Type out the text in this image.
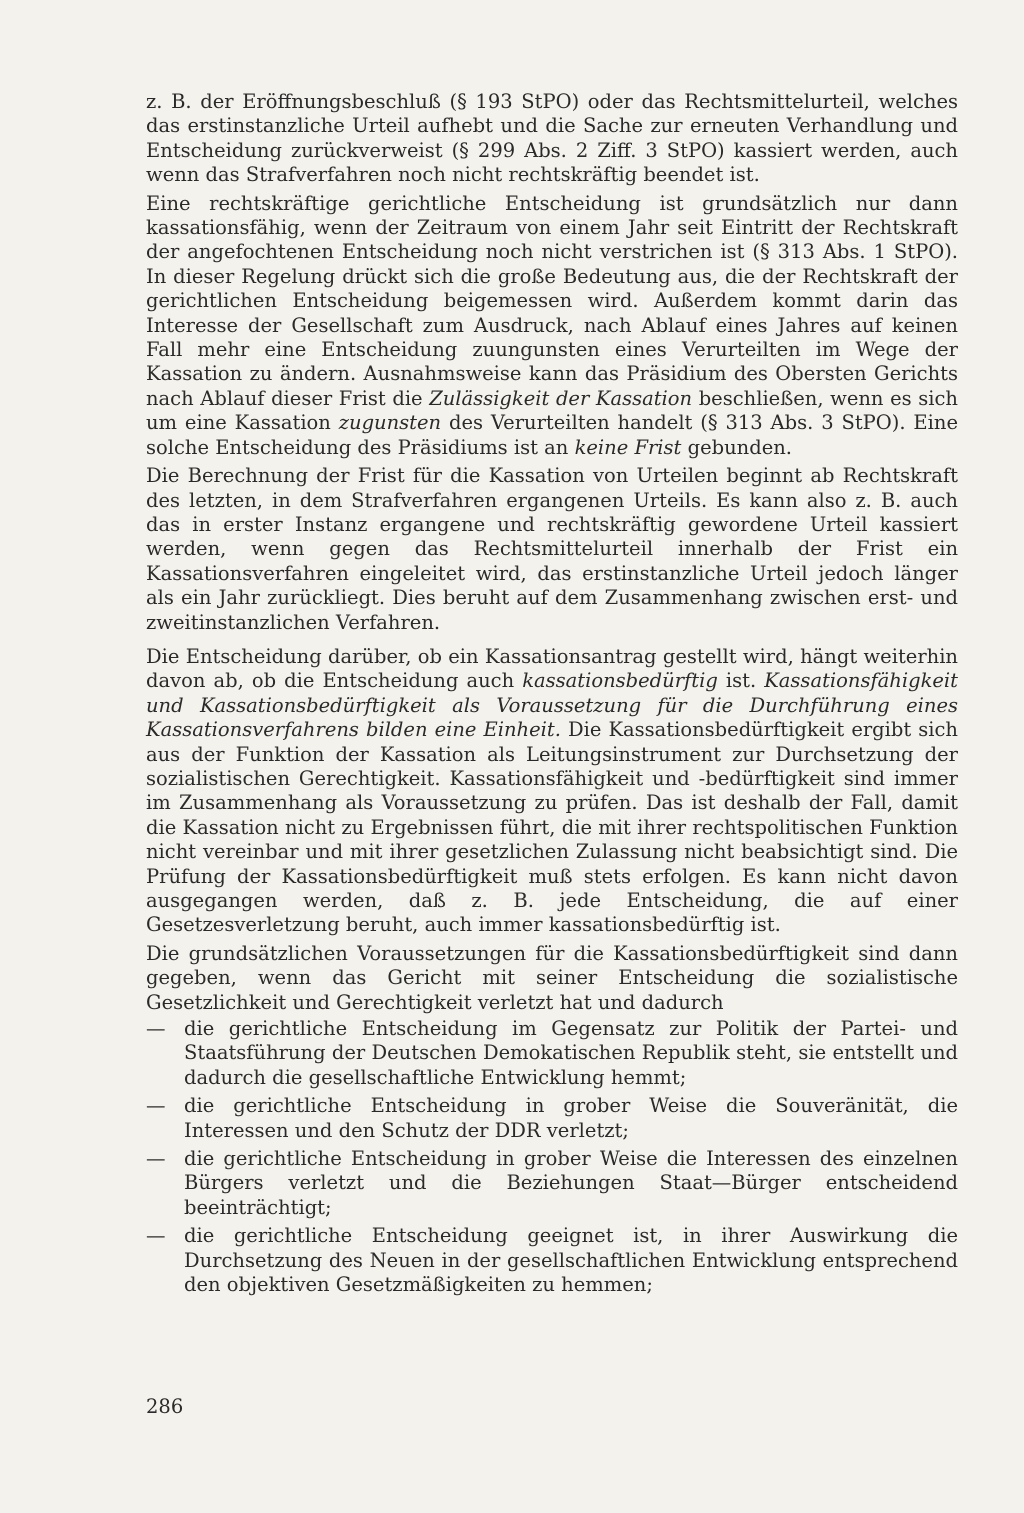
z. B. der Eröffnungsbeschluß (§ 193 StPO) oder das Rechtsmittelurteil, welches das erstinstanzliche Urteil aufhebt und die Sache zur erneuten Verhandlung und Entscheidung zurückverweist (§ 299 Abs. 2 Ziff. 3 StPO) kassiert werden, auch wenn das Strafverfahren noch nicht rechtskräftig beendet ist.

Eine rechtskräftige gerichtliche Entscheidung ist grundsätzlich nur dann kassationsfähig, wenn der Zeitraum von einem Jahr seit Eintritt der Rechtskraft der angefochtenen Entscheidung noch nicht verstrichen ist (§ 313 Abs. 1 StPO). In dieser Regelung drückt sich die große Bedeutung aus, die der Rechtskraft der gerichtlichen Entscheidung beigemessen wird. Außerdem kommt darin das Interesse der Gesellschaft zum Ausdruck, nach Ablauf eines Jahres auf keinen Fall mehr eine Entscheidung zuungunsten eines Verurteilten im Wege der Kassation zu ändern. Ausnahmsweise kann das Präsidium des Obersten Gerichts nach Ablauf dieser Frist die Zulässigkeit der Kassation beschließen, wenn es sich um eine Kassation zugunsten des Verurteilten handelt (§ 313 Abs. 3 StPO). Eine solche Entscheidung des Präsidiums ist an keine Frist gebunden.

Die Berechnung der Frist für die Kassation von Urteilen beginnt ab Rechtskraft des letzten, in dem Strafverfahren ergangenen Urteils. Es kann also z. B. auch das in erster Instanz ergangene und rechtskräftig gewordene Urteil kassiert werden, wenn gegen das Rechtsmittelurteil innerhalb der Frist ein Kassationsverfahren eingeleitet wird, das erstinstanzliche Urteil jedoch länger als ein Jahr zurückliegt. Dies beruht auf dem Zusammenhang zwischen erst- und zweitinstanzlichen Verfahren.

Die Entscheidung darüber, ob ein Kassationsantrag gestellt wird, hängt weiterhin davon ab, ob die Entscheidung auch kassationsbedürftig ist. Kassationsfähigkeit und Kassationsbedürftigkeit als Voraussetzung für die Durchführung eines Kassationsverfahrens bilden eine Einheit. Die Kassationsbedürftigkeit ergibt sich aus der Funktion der Kassation als Leitungsinstrument zur Durchsetzung der sozialistischen Gerechtigkeit. Kassationsfähigkeit und -bedürftigkeit sind immer im Zusammenhang als Voraussetzung zu prüfen. Das ist deshalb der Fall, damit die Kassation nicht zu Ergebnissen führt, die mit ihrer rechtspolitischen Funktion nicht vereinbar und mit ihrer gesetzlichen Zulassung nicht beabsichtigt sind. Die Prüfung der Kassationsbedürftigkeit muß stets erfolgen. Es kann nicht davon ausgegangen werden, daß z. B. jede Entscheidung, die auf einer Gesetzesverletzung beruht, auch immer kassationsbedürftig ist.

Die grundsätzlichen Voraussetzungen für die Kassationsbedürftigkeit sind dann gegeben, wenn das Gericht mit seiner Entscheidung die sozialistische Gesetzlichkeit und Gerechtigkeit verletzt hat und dadurch

— die gerichtliche Entscheidung im Gegensatz zur Politik der Partei- und Staatsführung der Deutschen Demokatischen Republik steht, sie entstellt und dadurch die gesellschaftliche Entwicklung hemmt;
— die gerichtliche Entscheidung in grober Weise die Souveränität, die Interessen und den Schutz der DDR verletzt;
— die gerichtliche Entscheidung in grober Weise die Interessen des einzelnen Bürgers verletzt und die Beziehungen Staat—Bürger entscheidend beeinträchtigt;
— die gerichtliche Entscheidung geeignet ist, in ihrer Auswirkung die Durchsetzung des Neuen in der gesellschaftlichen Entwicklung entsprechend den objektiven Gesetzmäßigkeiten zu hemmen;
286
